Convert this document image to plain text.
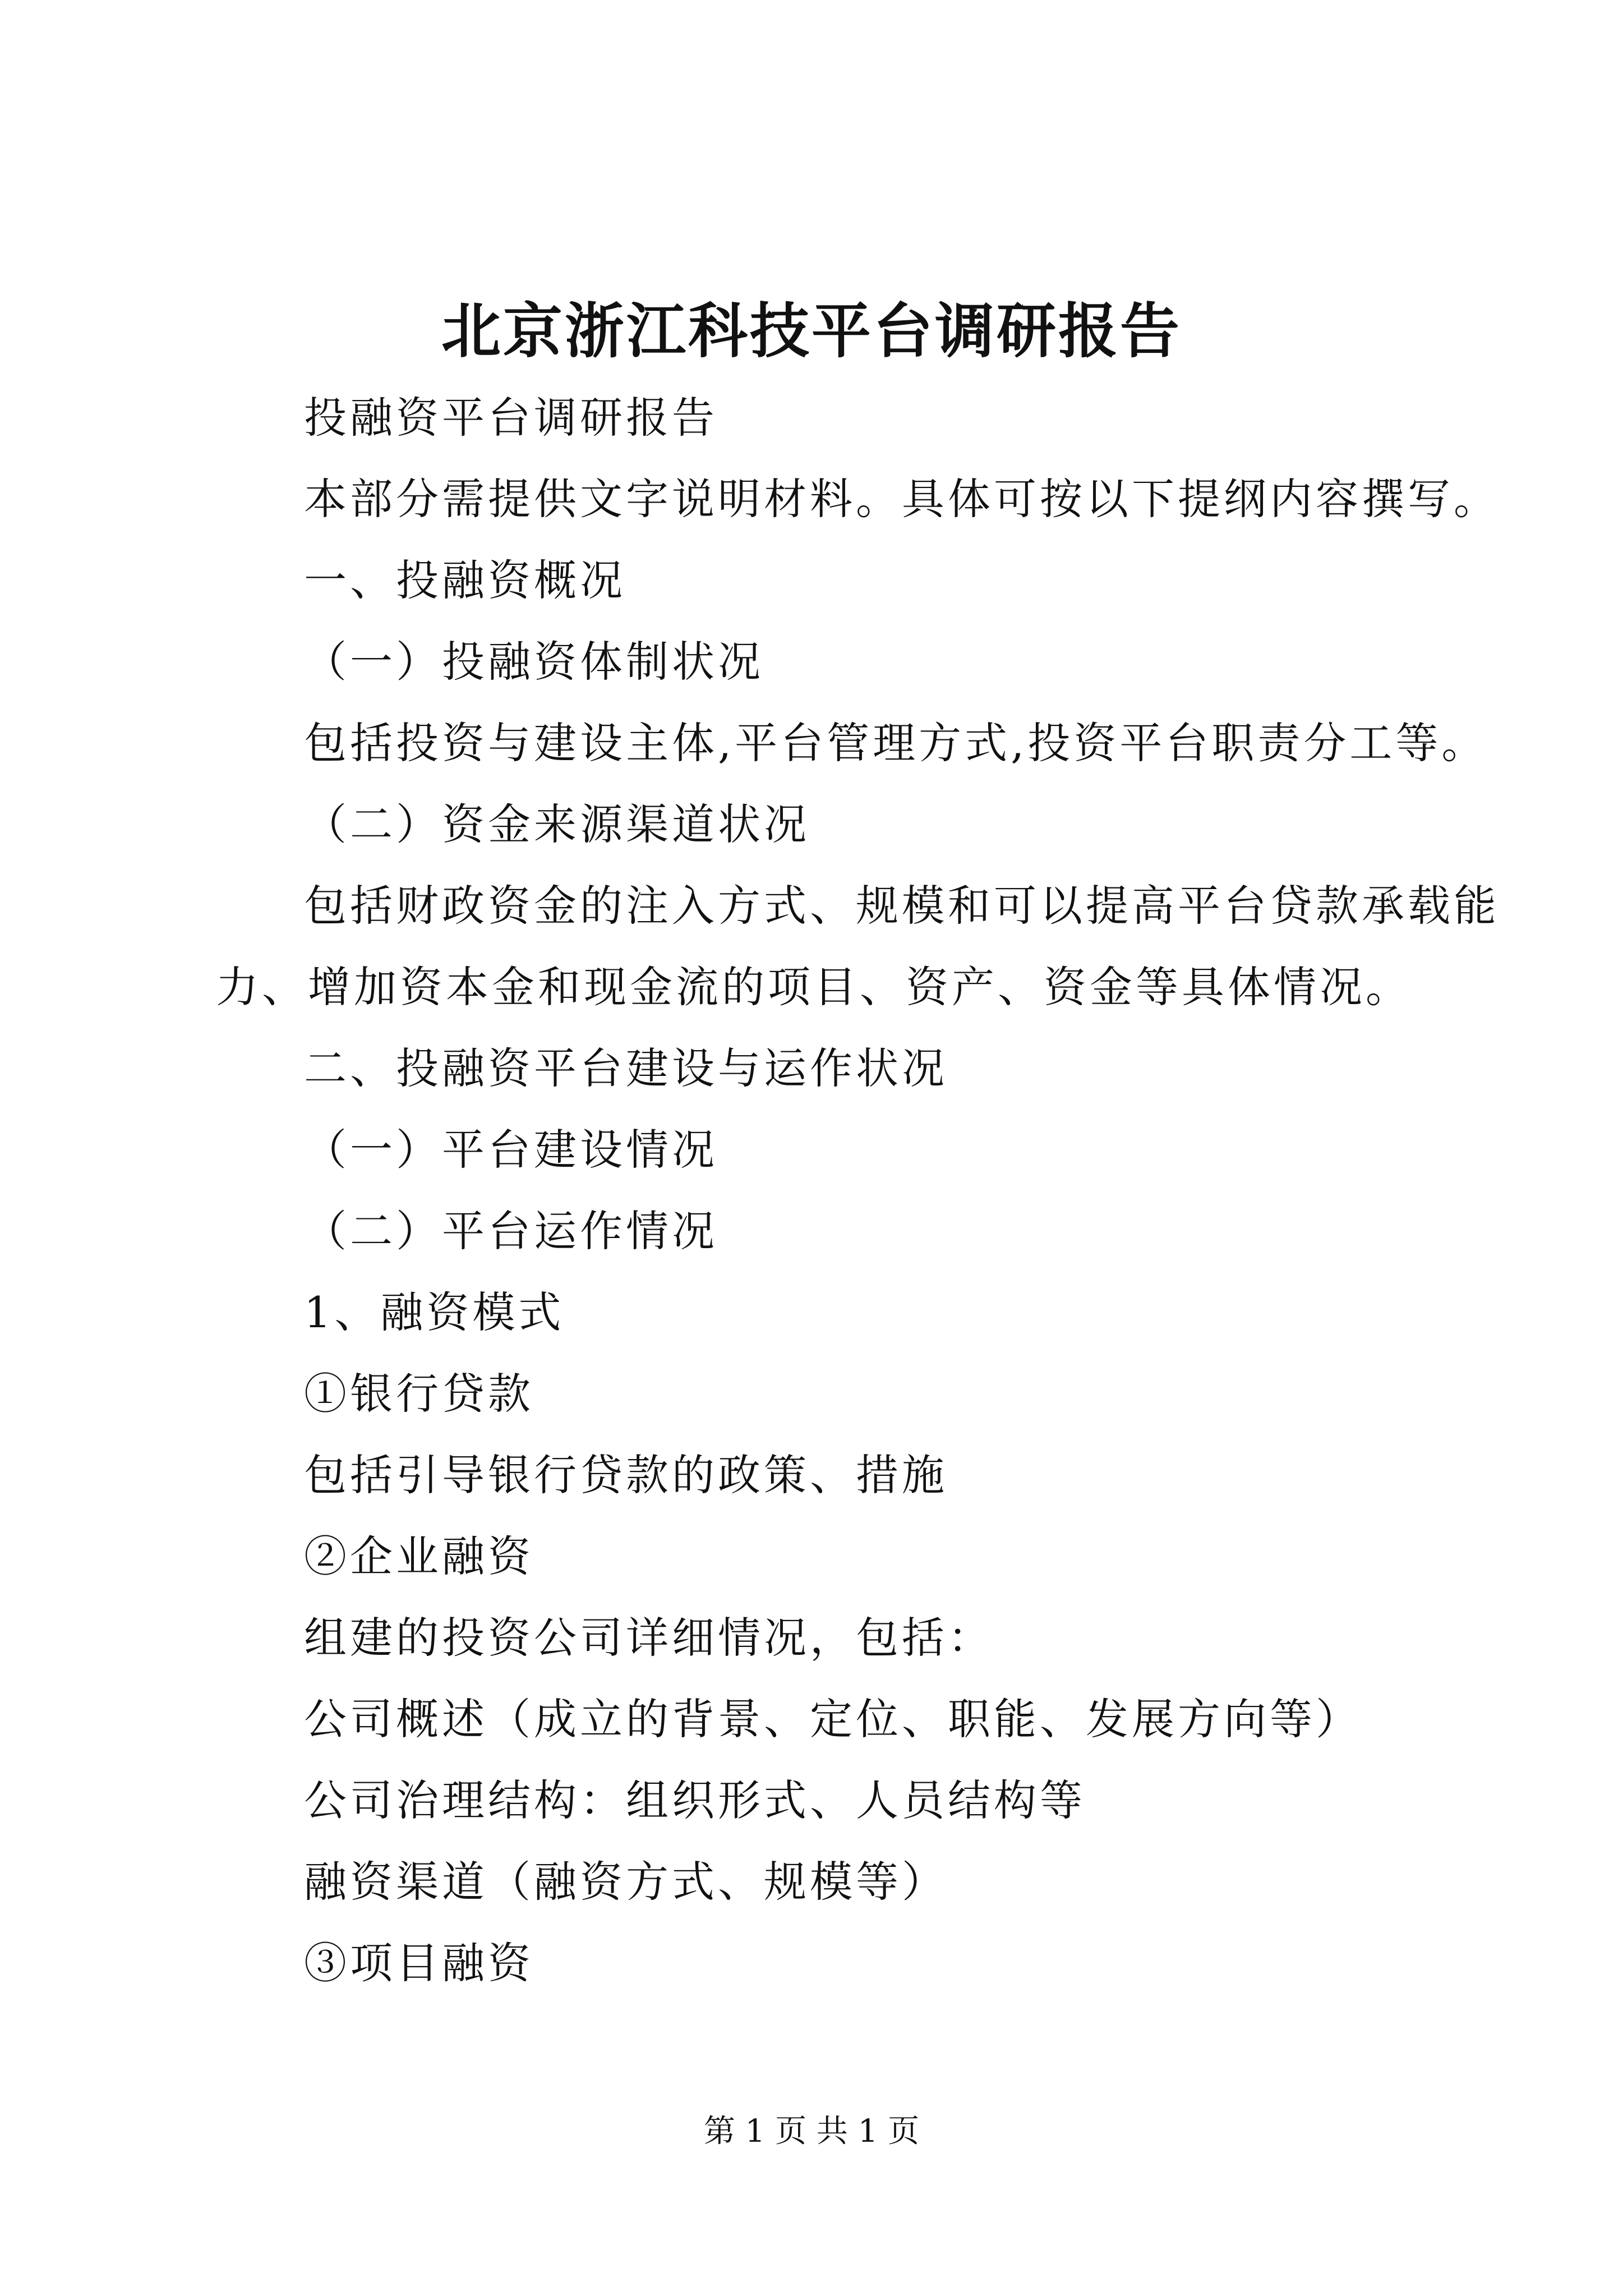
北京浙江科技平台调研报告
投融资平台调研报告
本部分需提供文字说明材料。具体可按以下提纲内容撰写。
一、投融资概况
（一）投融资体制状况
包括投资与建设主体,平台管理方式,投资平台职责分工等。
（二）资金来源渠道状况
包括财政资金的注入方式、规模和可以提高平台贷款承载能
力、增加资本金和现金流的项目、资产、资金等具体情况。
二、投融资平台建设与运作状况
（一）平台建设情况
（二）平台运作情况
1、融资模式
①银行贷款
包括引导银行贷款的政策、措施
②企业融资
组建的投资公司详细情况，包括：
公司概述（成立的背景、定位、职能、发展方向等）
公司治理结构：组织形式、人员结构等
融资渠道（融资方式、规模等）
③项目融资
第 1 页 共 1 页
